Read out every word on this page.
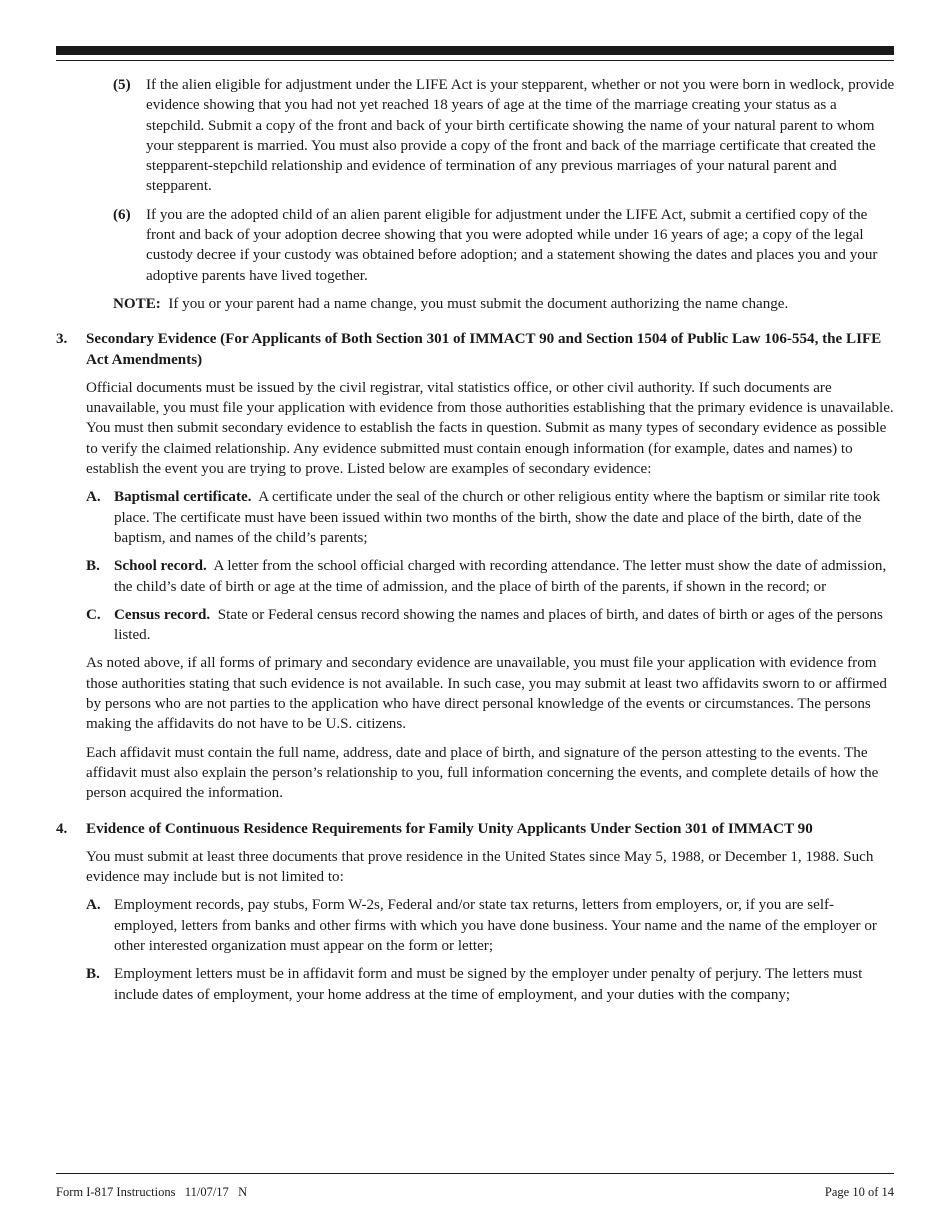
(5) If the alien eligible for adjustment under the LIFE Act is your stepparent, whether or not you were born in wedlock, provide evidence showing that you had not yet reached 18 years of age at the time of the marriage creating your status as a stepchild. Submit a copy of the front and back of your birth certificate showing the name of your natural parent to whom your stepparent is married. You must also provide a copy of the front and back of the marriage certificate that created the stepparent-stepchild relationship and evidence of termination of any previous marriages of your natural parent and stepparent.

(6) If you are the adopted child of an alien parent eligible for adjustment under the LIFE Act, submit a certified copy of the front and back of your adoption decree showing that you were adopted while under 16 years of age; a copy of the legal custody decree if your custody was obtained before adoption; and a statement showing the dates and places you and your adoptive parents have lived together.

NOTE: If you or your parent had a name change, you must submit the document authorizing the name change.

3. Secondary Evidence (For Applicants of Both Section 301 of IMMACT 90 and Section 1504 of Public Law 106-554, the LIFE Act Amendments)

Official documents must be issued by the civil registrar, vital statistics office, or other civil authority. If such documents are unavailable, you must file your application with evidence from those authorities establishing that the primary evidence is unavailable. You must then submit secondary evidence to establish the facts in question. Submit as many types of secondary evidence as possible to verify the claimed relationship. Any evidence submitted must contain enough information (for example, dates and names) to establish the event you are trying to prove. Listed below are examples of secondary evidence:

A. Baptismal certificate. A certificate under the seal of the church or other religious entity where the baptism or similar rite took place. The certificate must have been issued within two months of the birth, show the date and place of the birth, date of the baptism, and names of the child’s parents;

B. School record. A letter from the school official charged with recording attendance. The letter must show the date of admission, the child’s date of birth or age at the time of admission, and the place of birth of the parents, if shown in the record; or

C. Census record. State or Federal census record showing the names and places of birth, and dates of birth or ages of the persons listed.

As noted above, if all forms of primary and secondary evidence are unavailable, you must file your application with evidence from those authorities stating that such evidence is not available. In such case, you may submit at least two affidavits sworn to or affirmed by persons who are not parties to the application who have direct personal knowledge of the events or circumstances. The persons making the affidavits do not have to be U.S. citizens.

Each affidavit must contain the full name, address, date and place of birth, and signature of the person attesting to the events. The affidavit must also explain the person’s relationship to you, full information concerning the events, and complete details of how the person acquired the information.

4. Evidence of Continuous Residence Requirements for Family Unity Applicants Under Section 301 of IMMACT 90

You must submit at least three documents that prove residence in the United States since May 5, 1988, or December 1, 1988. Such evidence may include but is not limited to:

A. Employment records, pay stubs, Form W-2s, Federal and/or state tax returns, letters from employers, or, if you are self-employed, letters from banks and other firms with which you have done business. Your name and the name of the employer or other interested organization must appear on the form or letter;

B. Employment letters must be in affidavit form and must be signed by the employer under penalty of perjury. The letters must include dates of employment, your home address at the time of employment, and your duties with the company;

Form I-817 Instructions   11/07/17   N	Page 10 of 14
